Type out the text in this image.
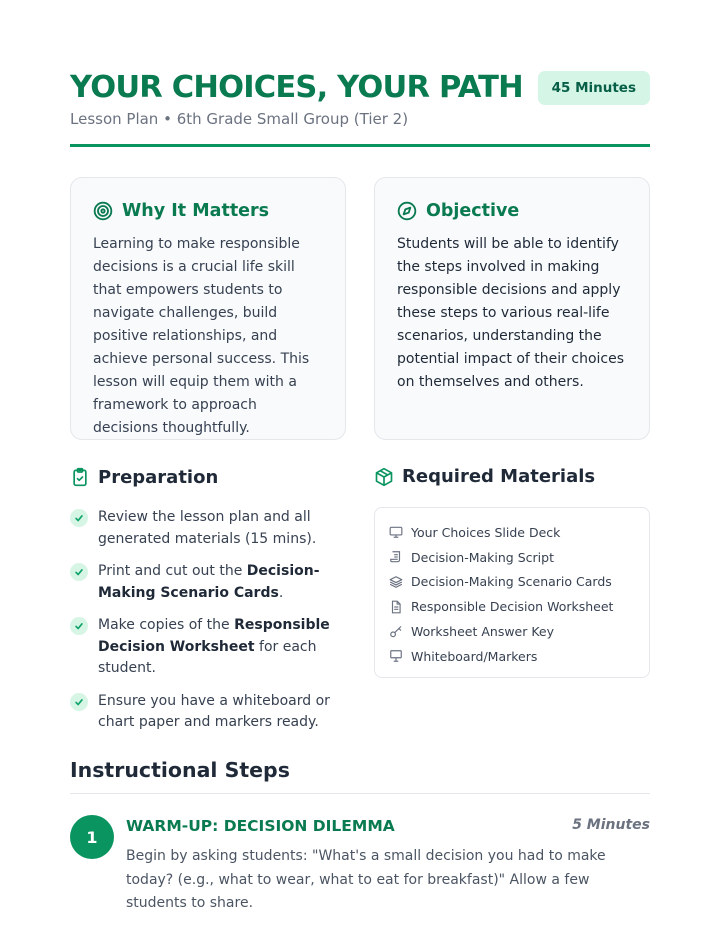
YOUR CHOICES, YOUR PATH
Lesson Plan • 6th Grade Small Group (Tier 2)
45 Minutes
Why It Matters

Learning to make responsible decisions is a crucial life skill that empowers students to navigate challenges, build positive relationships, and achieve personal success. This lesson will equip them with a framework to approach decisions thoughtfully.

Objective

Students will be able to identify the steps involved in making responsible decisions and apply these steps to various real-life scenarios, understanding the potential impact of their choices on themselves and others.

Preparation
Review the lesson plan and all generated materials (15 mins).
Print and cut out the Decision-Making Scenario Cards.
Make copies of the Responsible Decision Worksheet for each student.
Ensure you have a whiteboard or chart paper and markers ready.
Required Materials
Your Choices Slide Deck
Decision-Making Script
Decision-Making Scenario Cards
Responsible Decision Worksheet
Worksheet Answer Key
Whiteboard/Markers
Instructional Steps
1
WARM-UP: DECISION DILEMMA	5 Minutes

Begin by asking students: "What's a small decision you had to make today? (e.g., what to wear, what to eat for breakfast)" Allow a few students to share.
